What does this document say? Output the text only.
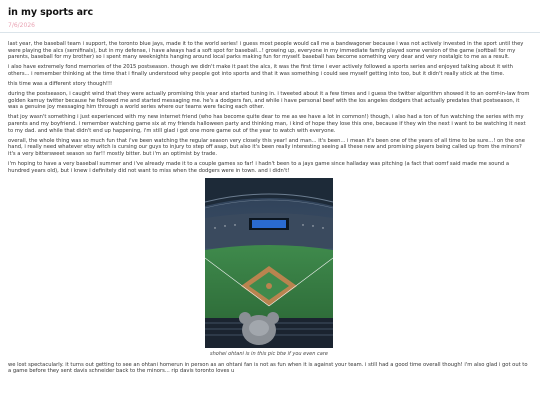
in my sports arc
7/6/2026

last year, the baseball team i support, the toronto blue jays, made it to the world series! i guess most people would call me a bandwagoner because i was not actively invested in the sport until they were playing the alcs (semifinals), but in my defense, i have always had a soft spot for baseball...! growing up, everyone in my immediate family played some version of the game (softball for my parents, baseball for my brother) so i spent many weeknights hanging around local parks making fun for myself. baseball has become something very dear and very nostalgic to me as a result.

i also have extremely fond memories of the 2015 postseason. though we didn't make it past the alcs, it was the first time i ever actively followed a sports series and enjoyed talking about it with others... i remember thinking at the time that i finally understood why people got into sports and that it was something i could see myself getting into too, but it didn't really stick at the time.

this time was a different story though!!!

during the postseason, i caught wind that they were actually promising this year and started tuning in. i tweeted about it a few times and i guess the twitter algorithm showed it to an oomf-in-law from golden kamuy twitter because he followed me and started messaging me. he's a dodgers fan, and while i have personal beef with the los angeles dodgers that actually predates that postseason, it was a genuine joy messaging him through a world series where our teams were facing each other.

that joy wasn't something i just experienced with my new internet friend (who has become quite dear to me as we have a lot in common!) though, i also had a ton of fun watching the series with my parents and my boyfriend. i remember watching game six at my friends halloween party and thinking man, i kind of hope they lose this one, because if they win the next i want to be watching it next to my dad. and while that didn't end up happening, i'm still glad i got one more game out of the year to watch with everyone.

overall, the whole thing was so much fun that i've been watching the regular season very closely this year! and man... it's been... i mean it's been one of the years of all time to be sure...! on the one hand, i really need whatever etsy witch is cursing our guys to injury to step off asap, but also it's been really interesting seeing all these new and promising players being called up from the minors? it's a very bittersweet season so far!! mostly bitter. but i'm an optimist by trade.

i'm hoping to have a very baseball summer and i've already made it to a couple games so far! i hadn't been to a jays game since halladay was pitching (a fact that oomf said made me sound a hundred years old), but i knew i definitely did not want to miss when the dodgers were in town. and i didn't!

shohei ohtani is in this pic btw if you even care

we lost spectacularly. it turns out getting to see an ohtani homerun in person as an ohtani fan is not as fun when it is against your team. i still had a good time overall though! i'm also glad i got out to a game before they sent davis schneider back to the minors... rip davis toronto loves u
